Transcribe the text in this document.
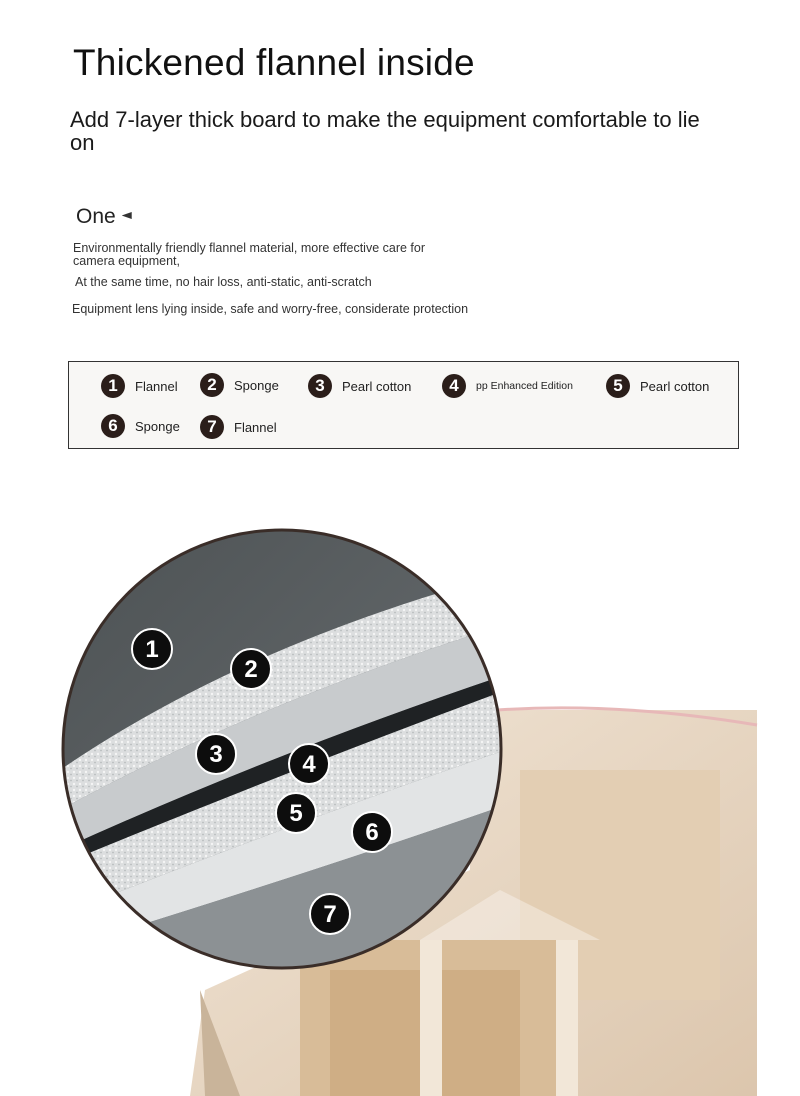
Thickened flannel inside
Add 7-layer thick board to make the equipment comfortable to lie on
One
Environmentally friendly flannel material, more effective care for camera equipment,
At the same time, no hair loss, anti-static, anti-scratch
Equipment lens lying inside, safe and worry-free, considerate protection
1	Flannel	2	Sponge	3	Pearl cotton	4	pp Enhanced Edition	5	Pearl cotton
6	Sponge	7	Flannel
1
2
3	4
5
6
7
